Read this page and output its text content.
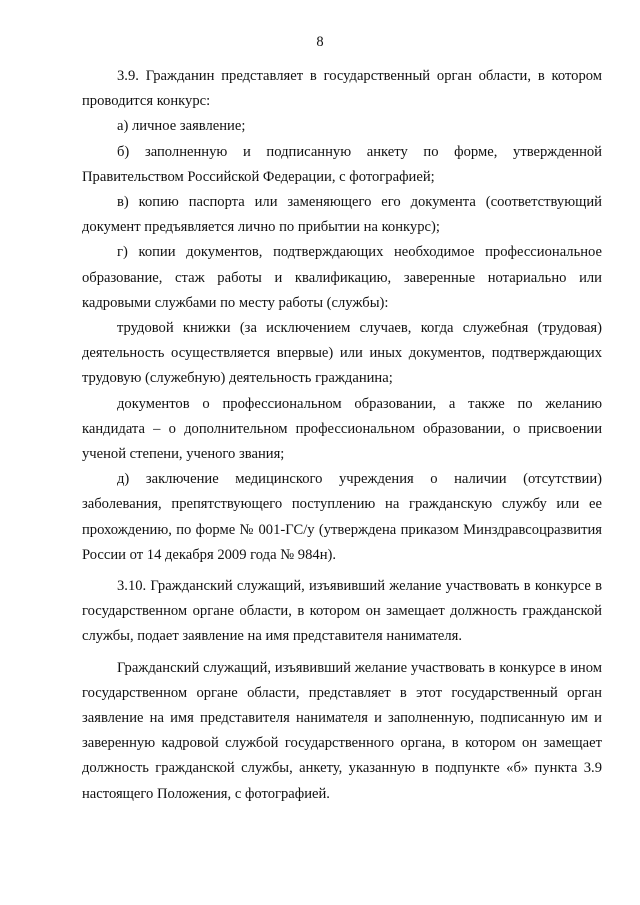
8

3.9. Гражданин представляет в государственный орган области, в котором проводится конкурс:

а) личное заявление;

б) заполненную и подписанную анкету по форме, утвержденной Правительством Российской Федерации, с фотографией;

в) копию паспорта или заменяющего его документа (соответствующий документ предъявляется лично по прибытии на конкурс);

г) копии документов, подтверждающих необходимое профессиональное образование, стаж работы и квалификацию, заверенные нотариально или кадровыми службами по месту работы (службы):

трудовой книжки (за исключением случаев, когда служебная (трудовая) деятельность осуществляется впервые) или иных документов, подтверждающих трудовую (служебную) деятельность гражданина;

документов о профессиональном образовании, а также по желанию кандидата – о дополнительном профессиональном образовании, о присвоении ученой степени, ученого звания;

д) заключение медицинского учреждения о наличии (отсутствии) заболевания, препятствующего поступлению на гражданскую службу или ее прохождению, по форме № 001-ГС/у (утверждена приказом Минздравсоцразвития России от 14 декабря 2009 года № 984н).

3.10. Гражданский служащий, изъявивший желание участвовать в конкурсе в государственном органе области, в котором он замещает должность гражданской службы, подает заявление на имя представителя нанимателя.

Гражданский служащий, изъявивший желание участвовать в конкурсе в ином государственном органе области, представляет в этот государственный орган заявление на имя представителя нанимателя и заполненную, подписанную им и заверенную кадровой службой государственного органа, в котором он замещает должность гражданской службы, анкету, указанную в подпункте «б» пункта 3.9 настоящего Положения, с фотографией.
